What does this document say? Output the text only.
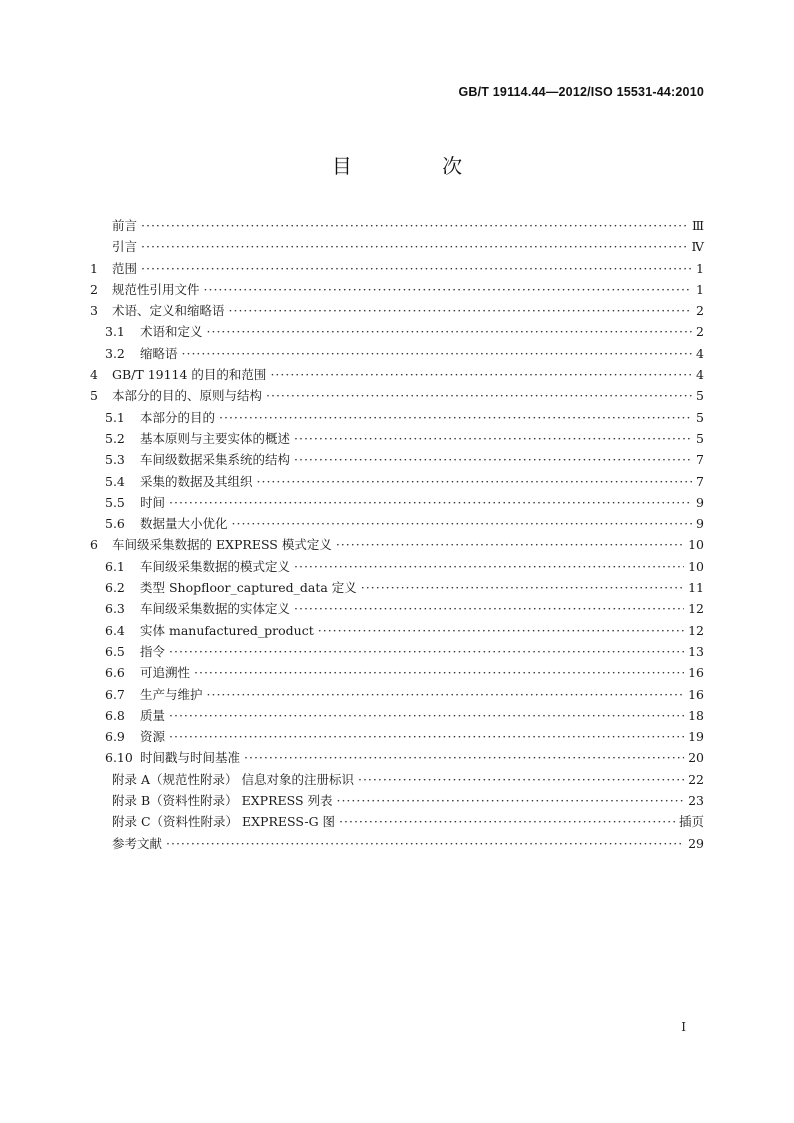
GB/T 19114.44—2012/ISO 15531-44:2010
目 次
前言 ·····	Ⅲ
引言 ·····	Ⅳ
1	范围 ·····	1
2	规范性引用文件 ·····	1
3	术语、定义和缩略语 ·····	2
3.1	术语和定义 ·····	2
3.2	缩略语 ·····	4
4	GB/T 19114 的目的和范围 ·····	4
5	本部分的目的、原则与结构 ·····	5
5.1	本部分的目的 ·····	5
5.2	基本原则与主要实体的概述 ·····	5
5.3	车间级数据采集系统的结构 ·····	7
5.4	采集的数据及其组织 ·····	7
5.5	时间 ·····	9
5.6	数据量大小优化 ·····	9
6	车间级采集数据的 EXPRESS 模式定义 ·····	10
6.1	车间级采集数据的模式定义 ·····	10
6.2	类型 Shopfloor_captured_data 定义 ·····	11
6.3	车间级采集数据的实体定义 ·····	12
6.4	实体 manufactured_product ·····	12
6.5	指令 ·····	13
6.6	可追溯性 ·····	16
6.7	生产与维护 ·····	16
6.8	质量 ·····	18
6.9	资源 ·····	19
6.10 时间戳与时间基准 ·····	20
附录 A（规范性附录） 信息对象的注册标识 ·····	22
附录 B（资料性附录） EXPRESS 列表 ·····	23
附录 C（资料性附录） EXPRESS-G 图 ·····	插页
参考文献 ·····	29
I
